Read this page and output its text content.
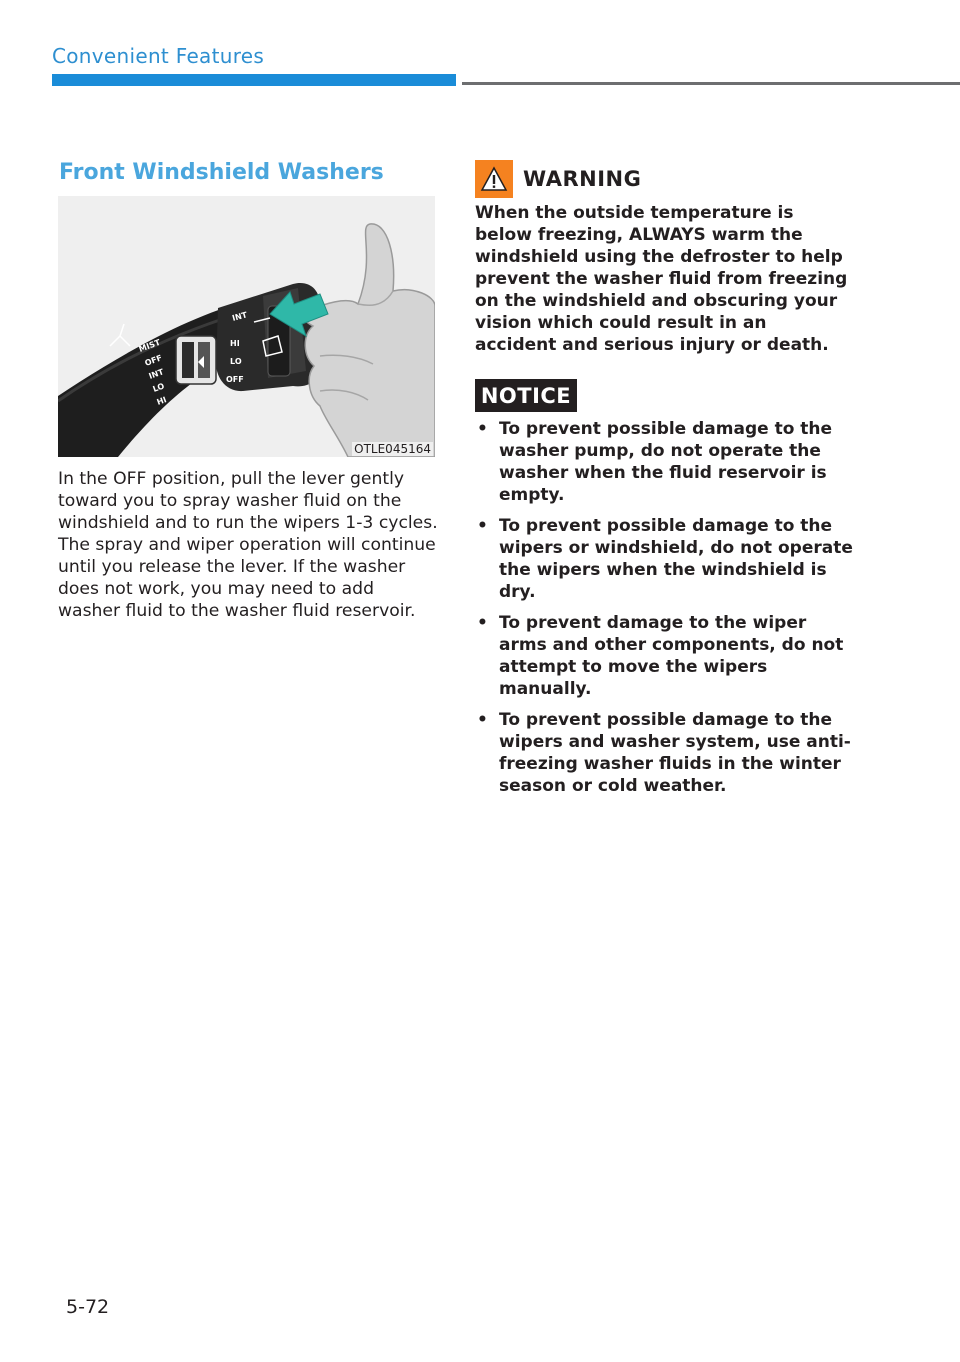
Convenient Features
Front Windshield Washers
MIST
OFF
INT
LO
HI
INT
HI
LO
OFF
OTLE045164
In the OFF position, pull the lever gently toward you to spray washer fluid on the windshield and to run the wipers 1-3 cycles. The spray and wiper operation will continue until you release the lever. If the washer does not work, you may need to add washer fluid to the washer fluid reservoir.
WARNING
When the outside temperature is below freezing, ALWAYS warm the windshield using the defroster to help prevent the washer fluid from freezing on the windshield and obscuring your vision which could result in an accident and serious injury or death.
NOTICE
• To prevent possible damage to the washer pump, do not operate the washer when the fluid reservoir is empty.
• To prevent possible damage to the wipers or windshield, do not operate the wipers when the windshield is dry.
• To prevent damage to the wiper arms and other components, do not attempt to move the wipers manually.
• To prevent possible damage to the wipers and washer system, use anti-freezing washer fluids in the winter season or cold weather.
5-72
